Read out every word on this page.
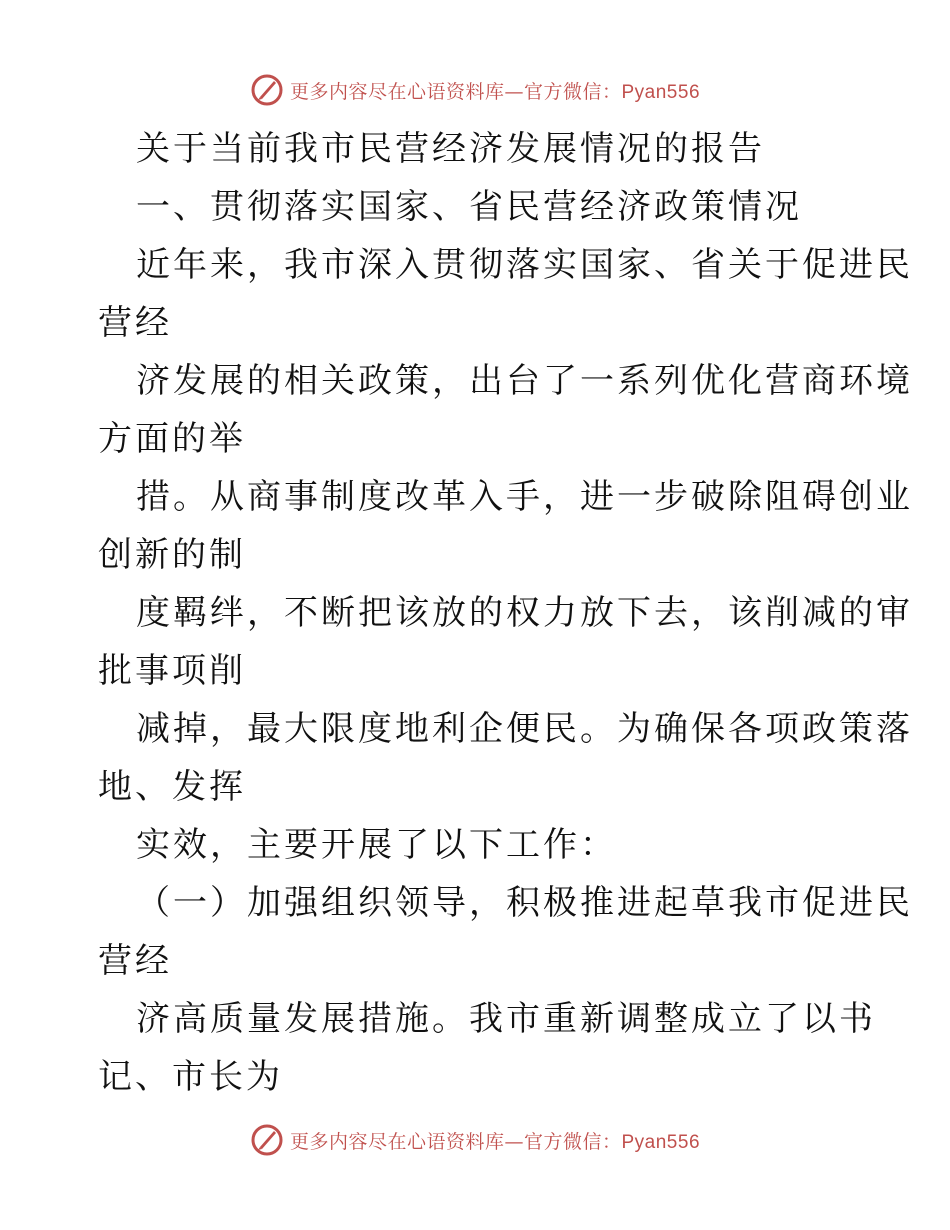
更多内容尽在心语资料库—官方微信：Pyan556
关于当前我市民营经济发展情况的报告
一、贯彻落实国家、省民营经济政策情况
近年来，我市深入贯彻落实国家、省关于促进民
营经
济发展的相关政策，出台了一系列优化营商环境
方面的举
措。从商事制度改革入手，进一步破除阻碍创业
创新的制
度羁绊，不断把该放的权力放下去，该削减的审
批事项削
减掉，最大限度地利企便民。为确保各项政策落
地、发挥
实效，主要开展了以下工作：
（一）加强组织领导，积极推进起草我市促进民
营经
济高质量发展措施。我市重新调整成立了以书
记、市长为
更多内容尽在心语资料库—官方微信：Pyan556
